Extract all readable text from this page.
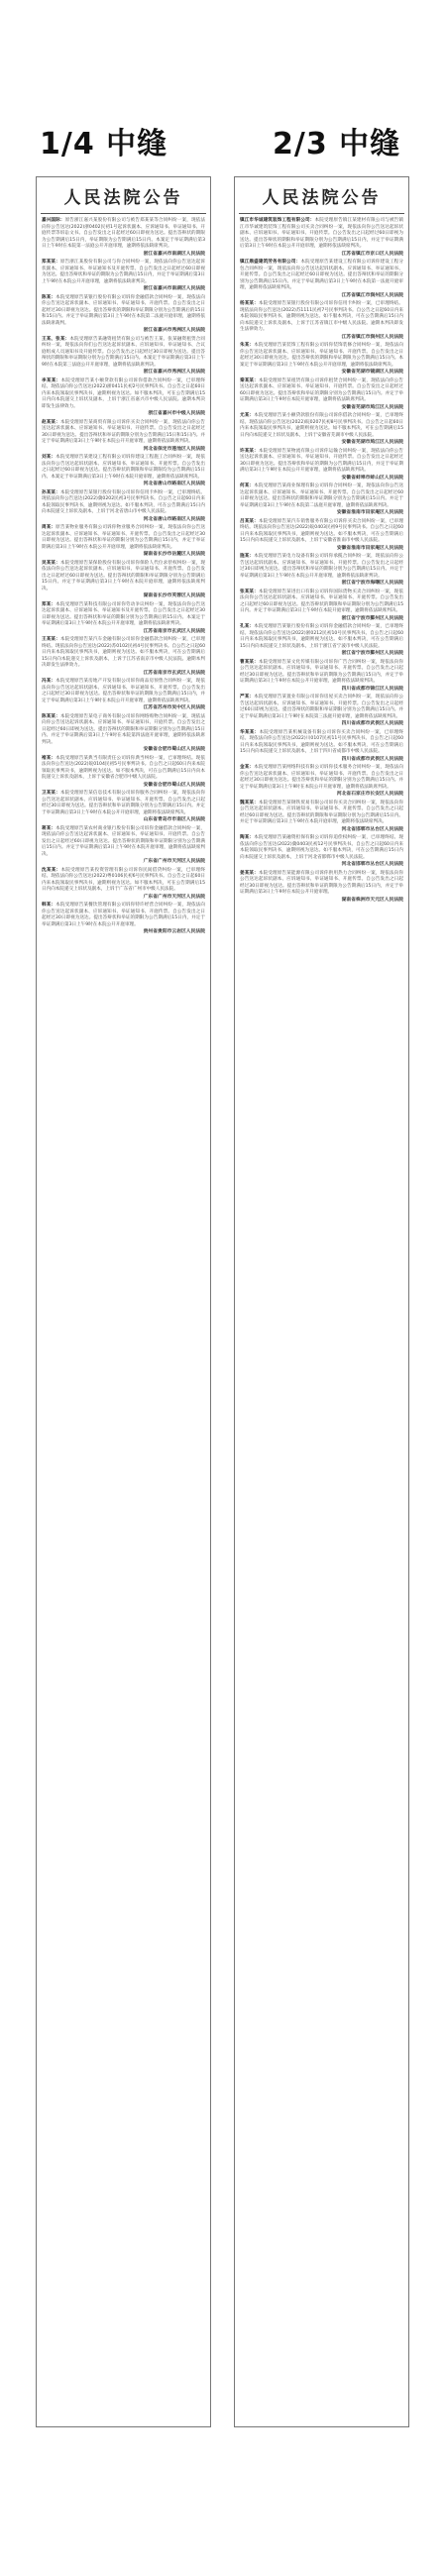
1/4 中缝	2/3 中缝
人民法院公告

嘉兴国际：原告浙江嘉兴某股份有限公司与被告郑某某等合同纠纷一案，现依法向你公告送达(2022)浙0402民初1号起诉状副本、应诉通知书、举证通知书、开庭传票等诉讼文书。自公告发出之日起经过60日即视为送达。提出答辩状的期限为公告期满后15日内，举证期限为公告期满后15日内。本案定于举证期满后第3日上午9时在本院第一法庭公开开庭审理，逾期将依法缺席判决。

浙江省嘉兴市南湖区人民法院

郑某某：原告浙江某股份有限公司与你合同纠纷一案，现依法向你公告送达起诉状副本、应诉通知书、举证通知书及开庭传票。自公告发出之日起经过60日即视为送达。提出答辩状和举证的期限为公告期满后15日内，并定于举证期满后第3日上午9时在本院公开开庭审理，逾期将依法缺席判决。

浙江省嘉兴市南湖区人民法院

陈某：本院受理原告某银行股份有限公司诉你金融借款合同纠纷一案，现依法向你公告送达起诉状副本、应诉通知书、举证通知书、开庭传票。自公告发出之日起经过30日即视为送达。提出答辩状的期限和举证期限分别为公告期满后的15日和15日内。并定于举证期满后第3日上午9时在本院第二法庭开庭审理，逾期将依法缺席裁判。

浙江省嘉兴市秀洲区人民法院

王某、张某：本院受理原告某融资租赁有限公司与被告王某、张某融资租赁合同纠纷一案，现依法向你们公告送达起诉状副本、应诉通知书、举证通知书、合议庭组成人员通知书及开庭传票。自公告发出之日起经过30日即视为送达。提出答辩状的期限和举证期限分别为公告期满后15日内。本案定于举证期满后第3日上午9时在本院第三法庭公开开庭审理，逾期将依法缺席判决。

浙江省嘉兴市秀洲区人民法院

李某某：本院受理原告某小额贷款有限公司诉你借款合同纠纷一案，已审理终结。现依法向你公告送达(2022)浙0411民初2号民事判决书。自公告之日起60日内来本院领取民事判决书，逾期则视为送达。如不服本判决，可在公告期满后15日内向本院递交上诉状及副本，上诉于浙江省嘉兴市中级人民法院。逾期本判决即发生法律效力。

浙江省嘉兴市中级人民法院

赵某某：本院受理原告某商贸有限公司诉你买卖合同纠纷一案，现依法向你公告送达起诉状副本、应诉通知书、举证通知书、开庭传票。自公告发出之日起经过30日即视为送达。提出答辩状和举证的期限分别为公告期满后15日和15日内。并定于举证期满后第3日上午9时在本院公开开庭审理，逾期将依法缺席判决。

河北省保定市莲池区人民法院

刘某：本院受理原告某建设工程有限公司诉你建设工程施工合同纠纷一案，现依法向你公告送达起诉状副本、应诉通知书、举证通知书、开庭传票。自公告发出之日起经过60日即视为送达。提出答辩状的期限和举证期限均为公告期满后15日内。本案定于举证期满后第3日上午9时在本院开庭审理，逾期将依法缺席判决。

河北省唐山市路南区人民法院

孙某某：本院受理原告某银行股份有限公司诉你信用卡纠纷一案，已审理终结。现依法向你公告送达(2022)冀0202民初3号民事判决书。自公告之日起60日内来本院领取民事判决书，逾期则视为送达。如不服本判决，可在公告期满后15日内向本院递交上诉状及副本，上诉于河北省唐山市中级人民法院。

河北省唐山市路南区人民法院

周某：原告某物业服务有限公司诉你物业服务合同纠纷一案，现依法向你公告送达起诉状副本、应诉通知书、举证通知书、开庭传票。自公告发出之日起经过30日即视为送达。提出答辩状和举证的期限分别为公告期满后15日内，并定于举证期满后第3日上午9时在本院公开开庭审理，逾期将依法缺席判决。

湖南省长沙市岳麓区人民法院

吴某某：本院受理原告某保险股份有限公司诉你保险人代位求偿权纠纷一案，现依法向你公告送达起诉状副本、应诉通知书、举证通知书、开庭传票。自公告发出之日起经过60日即视为送达。提出答辩状的期限和举证期限分别为公告期满后15日内。并定于举证期满后第3日上午9时在本院开庭审理，逾期将依法缺席判决。

湖南省长沙市芙蓉区人民法院

郑某：本院受理原告某科技有限公司诉你劳动争议纠纷一案，现依法向你公告送达起诉状副本、应诉通知书、举证通知书及开庭传票。自公告发出之日起经过30日即视为送达。提出答辩状和举证的期限分别为公告期满后的15日内。本案定于举证期满后第3日上午9时在本院公开开庭审理，逾期将依法缺席判决。

江苏省南京市玄武区人民法院

王某某：本院受理原告某汽车金融有限公司诉你金融借款合同纠纷一案，已审理终结。现依法向你公告送达(2022)苏0102民初4号民事判决书。自公告之日起60日内来本院领取民事判决书，逾期则视为送达。如不服本判决，可在公告期满后15日内向本院递交上诉状及副本，上诉于江苏省南京市中级人民法院。逾期本判决即发生法律效力。

江苏省南京市玄武区人民法院

冯某：本院受理原告某房地产开发有限公司诉你商品房预售合同纠纷一案，现依法向你公告送达起诉状副本、应诉通知书、举证通知书、开庭传票。自公告发出之日起经过30日即视为送达。提出答辩状和举证的期限为公告期满后15日内，并定于举证期满后第3日上午9时在本院公开开庭审理，逾期将依法缺席判决。

江苏省苏州市吴中区人民法院

陈某某：本院受理原告某电子商务有限公司诉你网络购物合同纠纷一案，现依法向你公告送达起诉状副本、应诉通知书、举证通知书、开庭传票。自公告发出之日起经过60日即视为送达。提出答辩状的期限和举证期限分别为公告期满后15日内。并定于举证期满后第3日上午9时在本院第四法庭开庭审理，逾期将依法缺席判决。

安徽省合肥市蜀山区人民法院

褚某：本院受理原告某典当有限责任公司诉你典当纠纷一案，已审理终结。现依法向你公告送达(2022)皖0104民初5号民事判决书。自公告之日起60日内来本院领取民事判决书，逾期则视为送达。如不服本判决，可在公告期满后15日内向本院递交上诉状及副本，上诉于安徽省合肥市中级人民法院。

安徽省合肥市蜀山区人民法院

卫某某：本院受理原告某信息技术有限公司诉你服务合同纠纷一案，现依法向你公告送达起诉状副本、应诉通知书、举证通知书、开庭传票。自公告发出之日起经过30日即视为送达。提出答辩状和举证的期限分别为公告期满后15日内。并定于举证期满后第3日上午9时在本院公开开庭审理，逾期将依法缺席判决。

山东省青岛市市南区人民法院

蒋某：本院受理原告某农村商业银行股份有限公司诉你金融借款合同纠纷一案，现依法向你公告送达起诉状副本、应诉通知书、举证通知书、开庭传票。自公告发出之日起经过60日即视为送达。提出答辩状的期限和举证期限分别为公告期满后15日内。并定于举证期满后第3日上午9时在本院开庭审理，逾期将依法缺席判决。

广东省广州市天河区人民法院

沈某某：本院受理原告某投资管理有限公司诉你民间借贷纠纷一案，已审理终结。现依法向你公告送达(2022)粤0106民初6号民事判决书。自公告之日起60日内来本院领取民事判决书，逾期则视为送达。如不服本判决，可在公告期满后15日内向本院递交上诉状及副本，上诉于广东省广州市中级人民法院。

广东省广州市天河区人民法院

韩某：本院受理原告某餐饮管理有限公司诉你特许经营合同纠纷一案，现依法向你公告送达起诉状副本、应诉通知书、举证通知书、开庭传票。自公告发出之日起经过30日即视为送达。提出答辩状和举证的期限为公告期满后15日内，并定于举证期满后第3日上午9时在本院公开开庭审理。

贵州省贵阳市云岩区人民法院

人民法院公告

镇江市华诚建筑装饰工程有限公司：本院受理原告镇江某建材有限公司与被告镇江市华诚建筑装饰工程有限公司买卖合同纠纷一案，现依法向你公告送达起诉状副本、应诉通知书、举证通知书、开庭传票。自公告发出之日起经过60日即视为送达。提出答辩状的期限和举证期限分别为公告期满后15日内，并定于举证期满后第3日上午9时在本院公开开庭审理，逾期将依法缺席判决。

江苏省镇江市京口区人民法院

镇江鼎盛建筑劳务有限公司：本院受理原告某建设工程有限公司诉你建设工程分包合同纠纷一案，现依法向你公告送达起诉状副本、应诉通知书、举证通知书、开庭传票。自公告发出之日起经过60日即视为送达。提出答辩状和举证的期限分别为公告期满后15日内。并定于举证期满后第3日上午9时在本院第一法庭开庭审理，逾期将依法缺席判决。

江苏省镇江市润州区人民法院

杨某某：本院受理原告某银行股份有限公司诉你信用卡纠纷一案，已审理终结。现依法向你公告送达(2022)苏1111民初7号民事判决书。自公告之日起60日内来本院领取民事判决书，逾期则视为送达。如不服本判决，可在公告期满后15日内向本院递交上诉状及副本，上诉于江苏省镇江市中级人民法院。逾期本判决即发生法律效力。

江苏省镇江市润州区人民法院

朱某：本院受理原告某装饰工程有限公司诉你装饰装修合同纠纷一案，现依法向你公告送达起诉状副本、应诉通知书、举证通知书、开庭传票。自公告发出之日起经过30日即视为送达。提出答辩状的期限和举证期限为公告期满后15日内。本案定于举证期满后第3日上午9时在本院公开开庭审理，逾期将依法缺席判决。

安徽省芜湖市镜湖区人民法院

秦某某：本院受理原告某租赁有限公司诉你租赁合同纠纷一案，现依法向你公告送达起诉状副本、应诉通知书、举证通知书、开庭传票。自公告发出之日起经过60日即视为送达。提出答辩状和举证的期限分别为公告期满后15日内。并定于举证期满后第3日上午9时在本院开庭审理，逾期将依法缺席判决。

安徽省芜湖市鸠江区人民法院

尤某：本院受理原告某小额贷款股份有限公司诉你借款合同纠纷一案，已审理终结。现依法向你公告送达(2022)皖0207民初8号民事判决书。自公告之日起60日内来本院领取民事判决书，逾期则视为送达。如不服本判决，可在公告期满后15日内向本院递交上诉状及副本，上诉于安徽省芜湖市中级人民法院。

安徽省芜湖市鸠江区人民法院

许某某：本院受理原告某物流有限公司诉你运输合同纠纷一案，现依法向你公告送达起诉状副本、应诉通知书、举证通知书、开庭传票。自公告发出之日起经过30日即视为送达。提出答辩状和举证的期限为公告期满后15日内，并定于举证期满后第3日上午9时在本院公开开庭审理，逾期将依法缺席判决。

安徽省蚌埠市蚌山区人民法院

何某：本院受理原告某商业保理有限公司诉你合同纠纷一案，现依法向你公告送达起诉状副本、应诉通知书、举证通知书、开庭传票。自公告发出之日起经过60日即视为送达。提出答辩状的期限和举证期限分别为公告期满后15日内。并定于举证期满后第3日上午9时在本院第二法庭开庭审理，逾期将依法缺席判决。

安徽省淮南市田家庵区人民法院

吕某某：本院受理原告某汽车销售服务有限公司诉你买卖合同纠纷一案，已审理终结。现依法向你公告送达(2022)皖0403民初9号民事判决书。自公告之日起60日内来本院领取民事判决书，逾期则视为送达。如不服本判决，可在公告期满后15日内向本院递交上诉状及副本，上诉于安徽省淮南市中级人民法院。

安徽省淮南市田家庵区人民法院

施某：本院受理原告某电力设备有限公司诉你承揽合同纠纷一案，现依法向你公告送达起诉状副本、应诉通知书、举证通知书、开庭传票。自公告发出之日起经过30日即视为送达。提出答辩状和举证的期限分别为公告期满后15日内。并定于举证期满后第3日上午9时在本院公开开庭审理，逾期将依法缺席判决。

浙江省宁波市海曙区人民法院

张某某：本院受理原告某进出口有限公司诉你国际货物买卖合同纠纷一案，现依法向你公告送达起诉状副本、应诉通知书、举证通知书、开庭传票。自公告发出之日起经过60日即视为送达。提出答辩状的期限和举证期限分别为公告期满后15日内。并定于举证期满后第3日上午9时在本院开庭审理，逾期将依法缺席判决。

浙江省宁波市鄞州区人民法院

孔某：本院受理原告某银行股份有限公司诉你金融借款合同纠纷一案，已审理终结。现依法向你公告送达(2022)浙0212民初10号民事判决书。自公告之日起60日内来本院领取民事判决书，逾期则视为送达。如不服本判决，可在公告期满后15日内向本院递交上诉状及副本，上诉于浙江省宁波市中级人民法院。

浙江省宁波市鄞州区人民法院

曹某某：本院受理原告某文化传媒有限公司诉你广告合同纠纷一案，现依法向你公告送达起诉状副本、应诉通知书、举证通知书、开庭传票。自公告发出之日起经过30日即视为送达。提出答辩状和举证的期限为公告期满后15日内，并定于举证期满后第3日上午9时在本院公开开庭审理，逾期将依法缺席判决。

四川省成都市锦江区人民法院

严某：本院受理原告某置业有限公司诉你房屋买卖合同纠纷一案，现依法向你公告送达起诉状副本、应诉通知书、举证通知书、开庭传票。自公告发出之日起经过60日即视为送达。提出答辩状的期限和举证期限分别为公告期满后15日内。并定于举证期满后第3日上午9时在本院第三法庭开庭审理，逾期将依法缺席判决。

四川省成都市武侯区人民法院

华某某：本院受理原告某机械设备有限公司诉你买卖合同纠纷一案，已审理终结。现依法向你公告送达(2022)川0107民初11号民事判决书。自公告之日起60日内来本院领取民事判决书，逾期则视为送达。如不服本判决，可在公告期满后15日内向本院递交上诉状及副本，上诉于四川省成都市中级人民法院。

四川省成都市武侯区人民法院

金某：本院受理原告某网络科技有限公司诉你技术服务合同纠纷一案，现依法向你公告送达起诉状副本、应诉通知书、举证通知书、开庭传票。自公告发出之日起经过30日即视为送达。提出答辩状和举证的期限分别为公告期满后15日内。并定于举证期满后第3日上午9时在本院公开开庭审理，逾期将依法缺席判决。

河北省石家庄市长安区人民法院

魏某某：本院受理原告某钢铁贸易有限公司诉你买卖合同纠纷一案，现依法向你公告送达起诉状副本、应诉通知书、举证通知书、开庭传票。自公告发出之日起经过60日即视为送达。提出答辩状的期限和举证期限分别为公告期满后15日内。并定于举证期满后第3日上午9时在本院开庭审理，逾期将依法缺席判决。

河北省邯郸市丛台区人民法院

陶某：本院受理原告某融资担保有限公司诉你追偿权纠纷一案，已审理终结。现依法向你公告送达(2022)冀0403民初12号民事判决书。自公告之日起60日内来本院领取民事判决书，逾期则视为送达。如不服本判决，可在公告期满后15日内向本院递交上诉状及副本，上诉于河北省邯郸市中级人民法院。

河北省邯郸市丛台区人民法院

姜某某：本院受理原告某能源有限公司诉你供用热力合同纠纷一案，现依法向你公告送达起诉状副本、应诉通知书、举证通知书、开庭传票。自公告发出之日起经过30日即视为送达。提出答辩状和举证的期限为公告期满后15日内，并定于举证期满后第3日上午9时在本院公开开庭审理。

湖南省株洲市天元区人民法院
